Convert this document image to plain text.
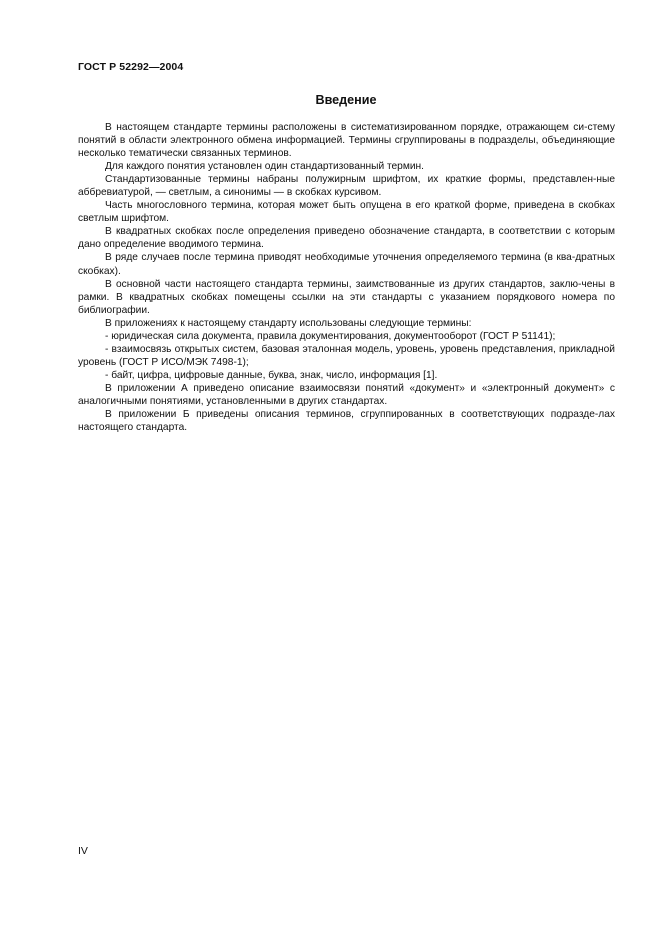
ГОСТ Р 52292—2004
Введение

В настоящем стандарте термины расположены в систематизированном порядке, отражающем си-стему понятий в области электронного обмена информацией. Термины сгруппированы в подразделы, объединяющие несколько тематически связанных терминов.

Для каждого понятия установлен один стандартизованный термин.

Стандартизованные термины набраны полужирным шрифтом, их краткие формы, представлен-ные аббревиатурой, — светлым, а синонимы — в скобках курсивом.

Часть многословного термина, которая может быть опущена в его краткой форме, приведена в скобках светлым шрифтом.

В квадратных скобках после определения приведено обозначение стандарта, в соответствии с которым дано определение вводимого термина.

В ряде случаев после термина приводят необходимые уточнения определяемого термина (в ква-дратных скобках).

В основной части настоящего стандарта термины, заимствованные из других стандартов, заклю-чены в рамки. В квадратных скобках помещены ссылки на эти стандарты с указанием порядкового номера по библиографии.

В приложениях к настоящему стандарту использованы следующие термины:

- юридическая сила документа, правила документирования, документооборот (ГОСТ Р 51141);

- взаимосвязь открытых систем, базовая эталонная модель, уровень, уровень представления, прикладной уровень (ГОСТ Р ИСО/МЭК 7498-1);

- байт, цифра, цифровые данные, буква, знак, число, информация [1].

В приложении А приведено описание взаимосвязи понятий «документ» и «электронный документ» с аналогичными понятиями, установленными в других стандартах.

В приложении Б приведены описания терминов, сгруппированных в соответствующих подразде-лах настоящего стандарта.

IV
